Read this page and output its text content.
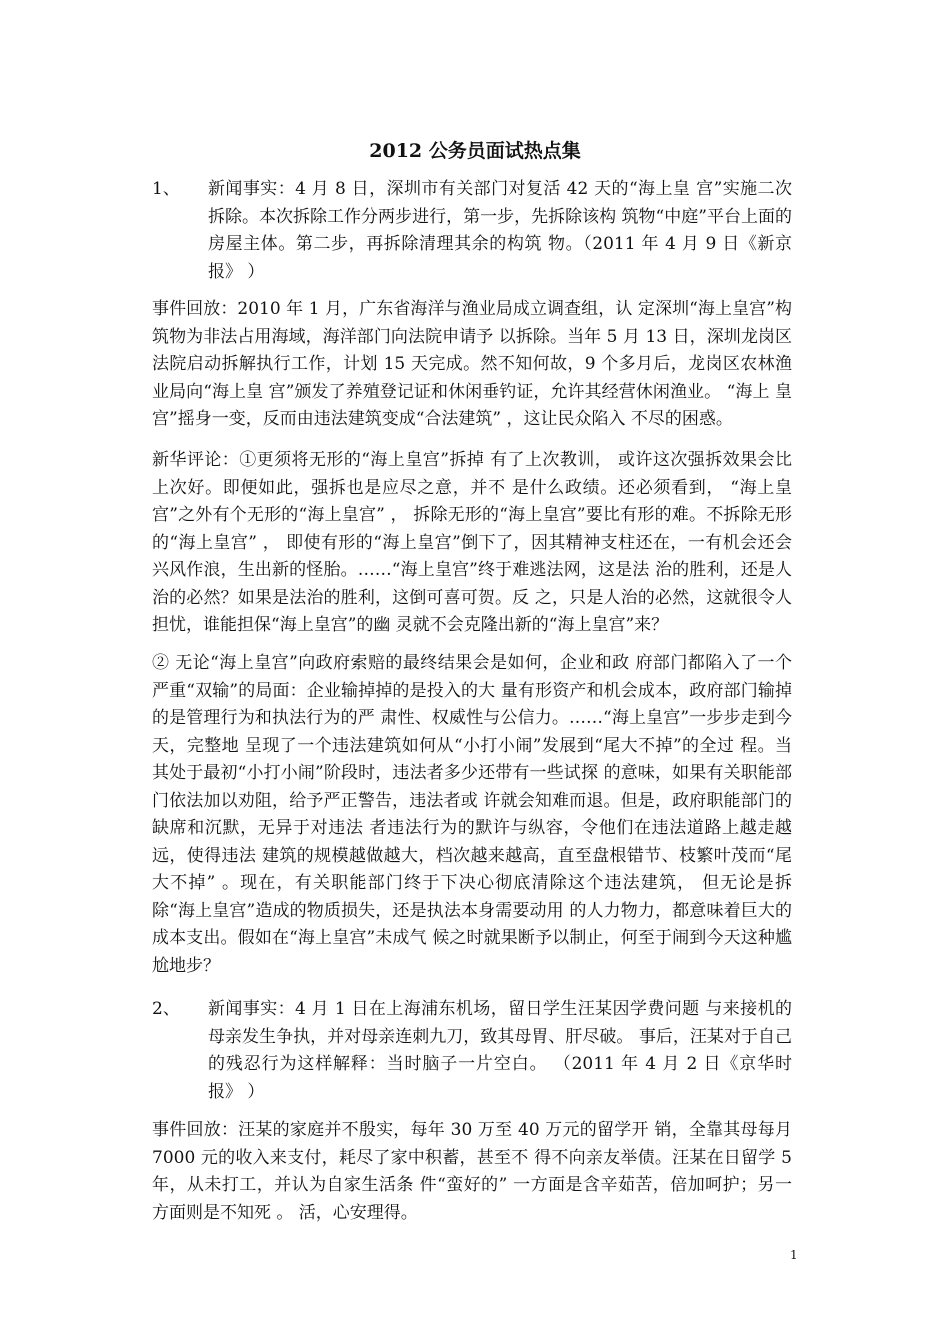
2012 公务员面试热点集
1、	新闻事实：4 月 8 日，深圳市有关部门对复活 42 天的“海上皇 宫”实施二次拆除。本次拆除工作分两步进行，第一步，先拆除该构 筑物“中庭”平台上面的房屋主体。第二步，再拆除清理其余的构筑 物。（2011 年 4 月 9 日《新京报》 ）

事件回放：2010 年 1 月，广东省海洋与渔业局成立调查组，认 定深圳“海上皇宫”构筑物为非法占用海域，海洋部门向法院申请予 以拆除。当年 5 月 13 日，深圳龙岗区法院启动拆解执行工作，计划 15 天完成。然不知何故，9 个多月后，龙岗区农林渔业局向“海上皇 宫”颁发了养殖登记证和休闲垂钓证，允许其经营休闲渔业。 “海上 皇宫”摇身一变，反而由违法建筑变成“合法建筑” ，这让民众陷入 不尽的困惑。

新华评论：①更须将无形的“海上皇宫”拆掉 有了上次教训， 或许这次强拆效果会比上次好。即便如此，强拆也是应尽之意，并不 是什么政绩。还必须看到， “海上皇宫”之外有个无形的“海上皇宫” ， 拆除无形的“海上皇宫”要比有形的难。不拆除无形的“海上皇宫” ， 即使有形的“海上皇宫”倒下了，因其精神支柱还在，一有机会还会 兴风作浪，生出新的怪胎。……“海上皇宫”终于难逃法网，这是法 治的胜利，还是人治的必然？如果是法治的胜利，这倒可喜可贺。反 之，只是人治的必然，这就很令人担忧，谁能担保“海上皇宫”的幽 灵就不会克隆出新的“海上皇宫”来？

② 无论“海上皇宫”向政府索赔的最终结果会是如何，企业和政 府部门都陷入了一个严重“双输”的局面：企业输掉掉的是投入的大 量有形资产和机会成本，政府部门输掉的是管理行为和执法行为的严 肃性、权威性与公信力。……“海上皇宫”一步步走到今天，完整地 呈现了一个违法建筑如何从“小打小闹”发展到“尾大不掉”的全过 程。当其处于最初“小打小闹”阶段时，违法者多少还带有一些试探 的意味，如果有关职能部门依法加以劝阻，给予严正警告，违法者或 许就会知难而退。但是，政府职能部门的缺席和沉默，无异于对违法 者违法行为的默许与纵容，令他们在违法道路上越走越远，使得违法 建筑的规模越做越大，档次越来越高，直至盘根错节、枝繁叶茂而“尾 大不掉” 。现在，有关职能部门终于下决心彻底清除这个违法建筑， 但无论是拆除“海上皇宫”造成的物质损失，还是执法本身需要动用 的人力物力，都意味着巨大的成本支出。假如在“海上皇宫”未成气 候之时就果断予以制止，何至于闹到今天这种尴尬地步？

2、	新闻事实：4 月 1 日在上海浦东机场，留日学生汪某因学费问题 与来接机的母亲发生争执，并对母亲连刺九刀，致其母胃、肝尽破。 事后，汪某对于自己的残忍行为这样解释：当时脑子一片空白。 （2011 年 4 月 2 日《京华时报》 ）

事件回放：汪某的家庭并不殷实，每年 30 万至 40 万元的留学开 销，全靠其母每月 7000 元的收入来支付，耗尽了家中积蓄，甚至不 得不向亲友举债。汪某在日留学 5 年，从未打工，并认为自家生活条 件“蛮好的” 一方面是含辛茹苦，倍加呵护；另一方面则是不知死 。 活，心安理得。

1
